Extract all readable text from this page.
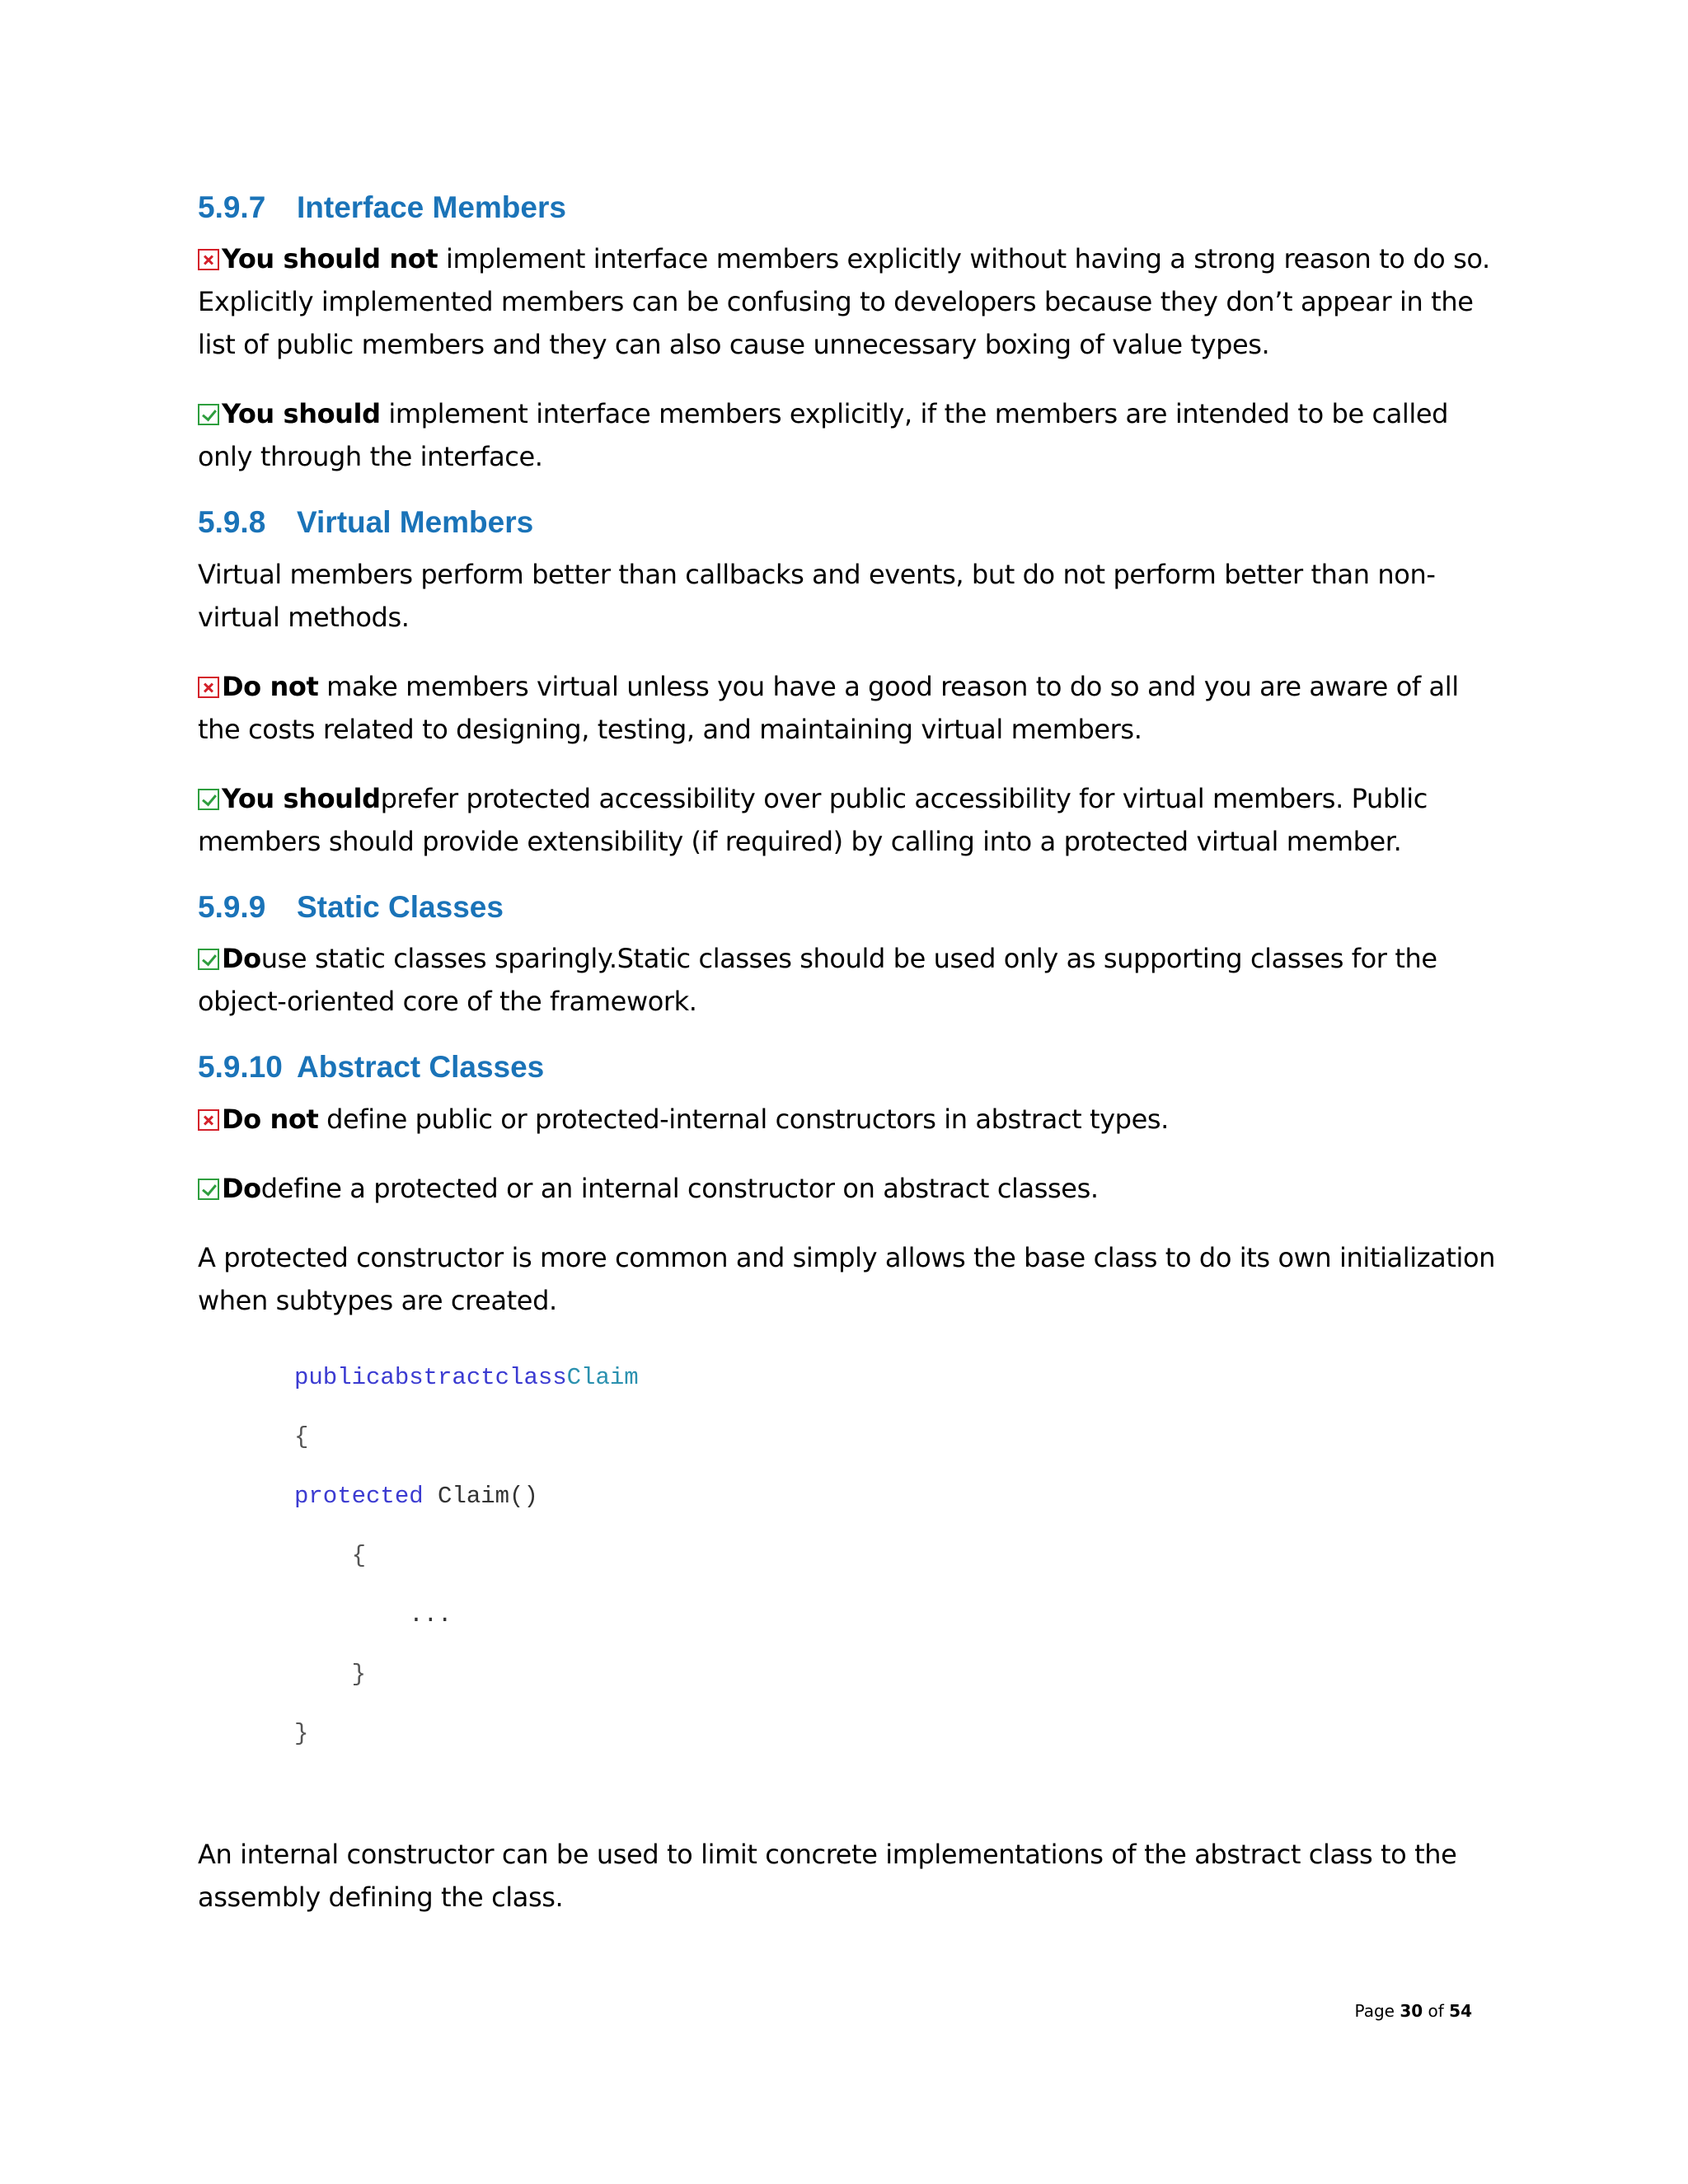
5.9.7	Interface Members

You should not implement interface members explicitly without having a strong reason to do so. Explicitly implemented members can be confusing to developers because they don’t appear in the list of public members and they can also cause unnecessary boxing of value types.

You should implement interface members explicitly, if the members are intended to be called only through the interface.

5.9.8	Virtual Members

Virtual members perform better than callbacks and events, but do not perform better than non-virtual methods.

Do not make members virtual unless you have a good reason to do so and you are aware of all the costs related to designing, testing, and maintaining virtual members.

You shouldprefer protected accessibility over public accessibility for virtual members. Public members should provide extensibility (if required) by calling into a protected virtual member.

5.9.9	Static Classes

Douse static classes sparingly.Static classes should be used only as supporting classes for the object-oriented core of the framework.

5.9.10 Abstract Classes

Do not define public or protected-internal constructors in abstract types.

Dodefine a protected or an internal constructor on abstract classes.

A protected constructor is more common and simply allows the base class to do its own initialization when subtypes are created.

publicabstractclassClaim
{
protected Claim()
{
...
}
}

An internal constructor can be used to limit concrete implementations of the abstract class to the assembly defining the class.

Page 30 of 54
